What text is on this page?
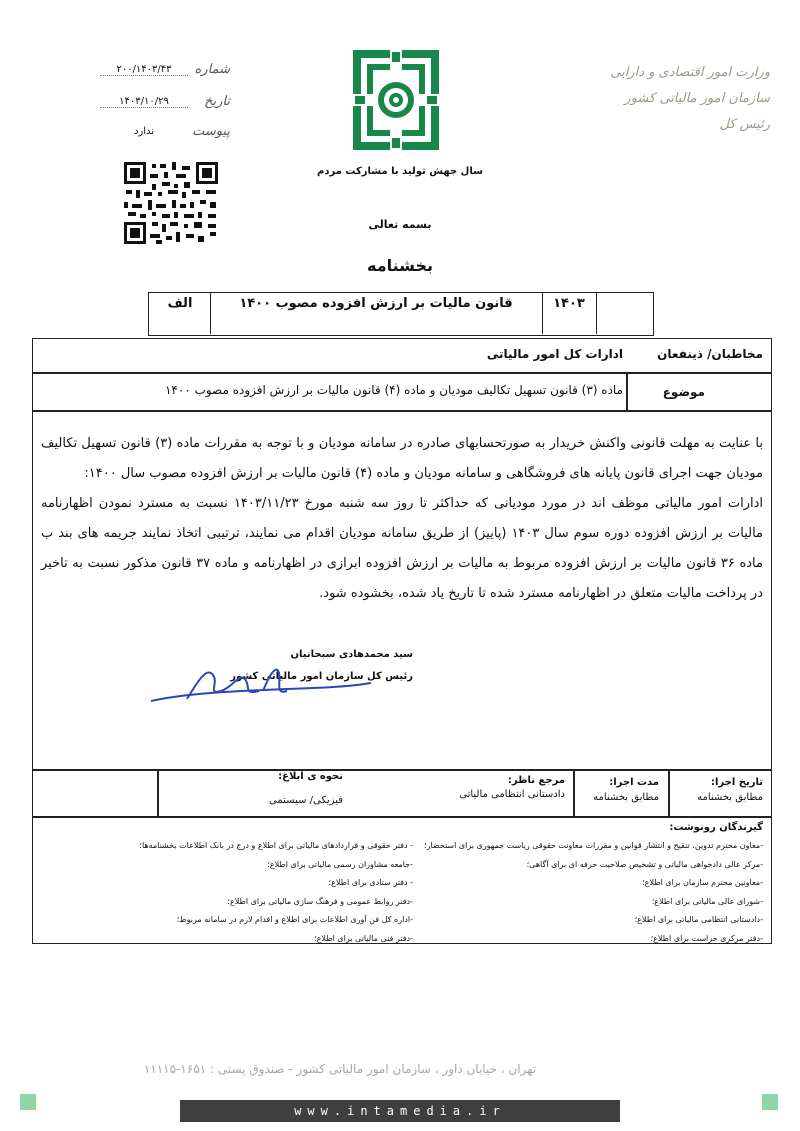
شماره
۲۰۰/۱۴۰۳/۴۳
تاریخ
۱۴۰۳/۱۰/۲۹
پیوست
ندارد
وزارت امور اقتصادی و دارایی
سازمان امور مالیاتی کشور
رئیس کل
سال جهش تولید با مشارکت مردم
بسمه تعالی
بخشنامه
۱۴۰۳
قانون مالیات بر ارزش افزوده مصوب ۱۴۰۰
الف
مخاطبان/ ذینفعان
ادارات کل امور مالیاتی
موضوع
ماده (۳) قانون تسهیل تکالیف مودیان و ماده (۴) قانون مالیات بر ارزش افزوده مصوب ۱۴۰۰

با عنایت به مهلت قانونی واکنش خریدار به صورتحسابهای صادره در سامانه مودیان و با توجه به مقررات ماده (۳) قانون تسهیل تکالیف مودیان جهت اجرای قانون پایانه های فروشگاهی و سامانه مودیان و ماده (۴) قانون مالیات بر ارزش افزوده مصوب سال ۱۴۰۰:

ادارات امور مالیاتی موظف اند در مورد مودیانی که حداکثر تا روز سه شنبه مورخ ۱۴۰۳/۱۱/۲۳ نسبت به مسترد نمودن اظهارنامه مالیات بر ارزش افزوده دوره سوم سال ۱۴۰۳ (پاییز) از طریق سامانه مودیان اقدام می نمایند، ترتیبی اتخاذ نمایند جریمه های بند ب ماده ۳۶ قانون مالیات بر ارزش افزوده مربوط به مالیات بر ارزش افزوده ابرازی در اظهارنامه و ماده ۳۷ قانون مذکور نسبت به تاخیر در پرداخت مالیات متعلق در اظهارنامه مسترد شده تا تاریخ یاد شده، بخشوده شود.

سید محمدهادی سبحانیان
رئیس کل سازمان امور مالیاتی کشور
تاریخ اجرا:
مطابق بخشنامه
مدت اجرا:
مطابق بخشنامه
مرجع ناظر:
دادستانی انتظامی مالیاتی
نحوه ی ابلاغ:
فیزیکی/ سیستمی
گیرندگان رونوشت:
-معاون محترم تدوین، تنقیح و انتشار قوانین و مقررات معاونت حقوقی ریاست جمهوری برای استحضار؛
-مرکز عالی دادخواهی مالیاتی و تشخیص صلاحیت حرفه ای برای آگاهی؛
-معاونین محترم سازمان برای اطلاع؛
-شورای عالی مالیاتی برای اطلاع؛
-دادستانی انتظامی مالیاتی برای اطلاع؛
-دفتر مرکزی حراست برای اطلاع؛
- دفتر حقوقی و قراردادهای مالیاتی برای اطلاع و درج در بانک اطلاعات بخشنامه‌ها؛
-جامعه مشاوران رسمی مالیاتی برای اطلاع؛
- دفتر ستادی برای اطلاع؛
-دفتر روابط عمومی و فرهنگ سازی مالیاتی برای اطلاع؛
-اداره کل فن آوری اطلاعات برای اطلاع و اقدام لازم در سامانه مربوط؛
-دفتر فنی مالیاتی برای اطلاع؛
تهران ، خیابان داور ، سازمان امور مالیاتی کشور - صندوق پستی : ۱۶۵۱-۱۱۱۱۵
www.intamedia.ir
